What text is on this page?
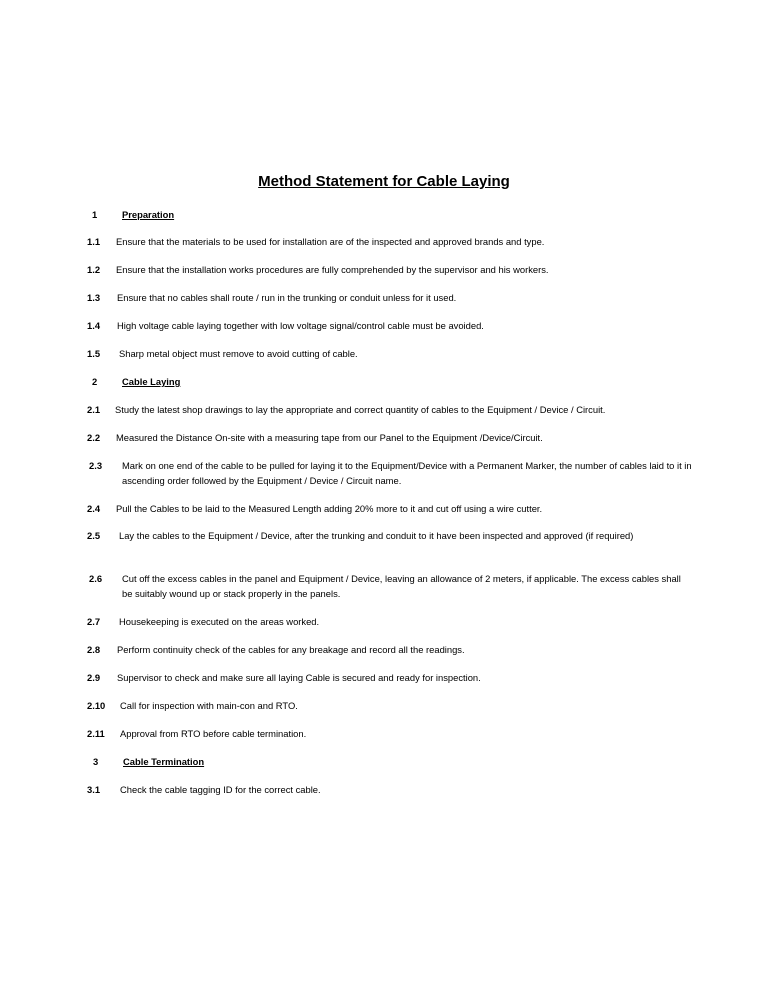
Method Statement for Cable Laying
1	Preparation
1.1 Ensure that the materials to be used for installation are of the inspected and approved brands and type.
1.2 Ensure that the installation works procedures are fully comprehended by the supervisor and his workers.
1.3 Ensure that no cables shall route / run in the trunking or conduit unless for it used.
1.4 High voltage cable laying together with low voltage signal/control cable must be avoided.
1.5 Sharp metal object must remove to avoid cutting of cable.
2	Cable Laying
2.1 Study the latest shop drawings to lay the appropriate and correct quantity of cables to the Equipment / Device / Circuit.
2.2 Measured the Distance On-site with a measuring tape from our Panel to the Equipment /Device/Circuit.
2.3 Mark on one end of the cable to be pulled for laying it to the Equipment/Device with a Permanent Marker, the number of cables laid to it in ascending order followed by the Equipment / Device / Circuit name.
2.4 Pull the Cables to be laid to the Measured Length adding 20% more to it and cut off using a wire cutter.
2.5 Lay the cables to the Equipment / Device, after the trunking and conduit to it have been inspected and approved (if required)
2.6 Cut off the excess cables in the panel and Equipment / Device, leaving an allowance of 2 meters, if applicable. The excess cables shall be suitably wound up or stack properly in the panels.
2.7 Housekeeping is executed on the areas worked.
2.8 Perform continuity check of the cables for any breakage and record all the readings.
2.9 Supervisor to check and make sure all laying Cable is secured and ready for inspection.
2.10 Call for inspection with main-con and RTO.
2.11 Approval from RTO before cable termination.
3	Cable Termination
3.1 Check the cable tagging ID for the correct cable.
